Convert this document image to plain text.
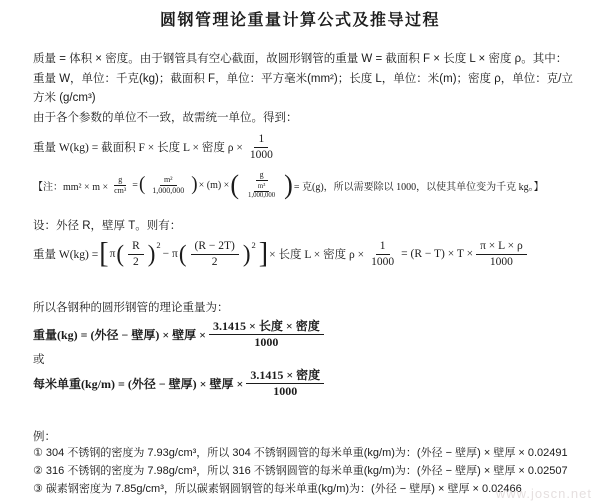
圆钢管理论重量计算公式及推导过程
质量 = 体积 × 密度。由于钢管具有空心截面，故圆形钢管的重量 W = 截面积 F × 长度 L × 密度 ρ。其中：
重量 W，单位：千克(kg)；截面积 F，单位：平方毫米(mm²)；长度 L，单位：米(m)；密度 ρ，单位：克/立方米 (g/cm³)
由于各个参数的单位不一致，故需统一单位。得到：
重量 W(kg) = 截面积 F × 长度 L × 密度 $\rho \times \frac{1}{1000}$
【注：$mm^2 \times m \times \frac{g}{\text{cm³}}$ = ( $\frac{\text{m²}}{1,000,000}$ ) × (m) × ( $\frac{g}{\frac{\text{m³}}{1,000,000}}$ ) = 克(g)，所以需要除以 1000，以使其单位变为千克 kg。】
设：外径 R，壁厚 T。则有：
重量 W(kg) = [ π ( $\frac{R}{2}$ ) 2
− π ( $\frac{(R - 2T)}{2}$ ) 2 ] × 长度 L × 密度 $\rho \times \frac{1}{1000} = (R - T) \times T \times \frac{\pi \times L \times \rho}{1000}$
所以各钢种的圆形钢管的理论重量为：
重量(kg) = (外径 − 壁厚) × 壁厚 × $\frac{\text{3.1415 × 长度 × 密度}}{1000}$
或
每米单重(kg/m) = (外径 − 壁厚) × 壁厚 × $\frac{\text{3.1415 × 密度}}{1000}$
例：
① 304 不锈钢的密度为 7.93g/cm³，所以 304 不锈钢圆管的每米单重(kg/m)为：(外径 − 壁厚) × 壁厚 × 0.02491
② 316 不锈钢的密度为 7.98g/cm³，所以 316 不锈钢圆管的每米单重(kg/m)为：(外径 − 壁厚) × 壁厚 × 0.02507
③ 碳素钢密度为 7.85g/cm³，所以碳素钢圆钢管的每米单重(kg/m)为：(外径 − 壁厚) × 壁厚 × 0.02466
www.joscn.net
